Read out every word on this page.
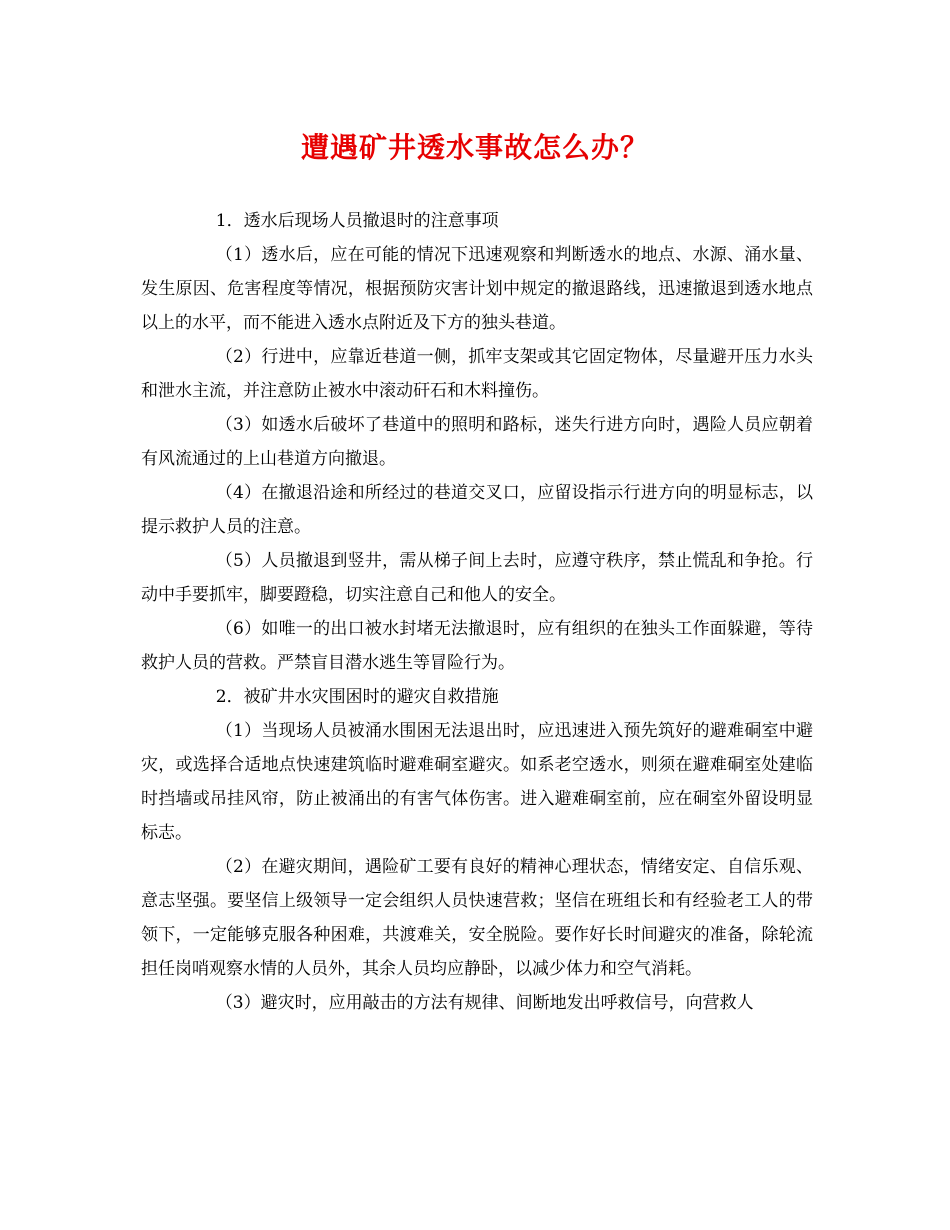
遭遇矿井透水事故怎么办？

1．透水后现场人员撤退时的注意事项

（1）透水后，应在可能的情况下迅速观察和判断透水的地点、水源、涌水量、发生原因、危害程度等情况，根据预防灾害计划中规定的撤退路线，迅速撤退到透水地点以上的水平，而不能进入透水点附近及下方的独头巷道。

（2）行进中，应靠近巷道一侧，抓牢支架或其它固定物体，尽量避开压力水头和泄水主流，并注意防止被水中滚动矸石和木料撞伤。

（3）如透水后破坏了巷道中的照明和路标，迷失行进方向时，遇险人员应朝着有风流通过的上山巷道方向撤退。

（4）在撤退沿途和所经过的巷道交叉口，应留设指示行进方向的明显标志，以提示救护人员的注意。

（5）人员撤退到竖井，需从梯子间上去时，应遵守秩序，禁止慌乱和争抢。行动中手要抓牢，脚要蹬稳，切实注意自己和他人的安全。

（6）如唯一的出口被水封堵无法撤退时，应有组织的在独头工作面躲避，等待救护人员的营救。严禁盲目潜水逃生等冒险行为。

2．被矿井水灾围困时的避灾自救措施

（1）当现场人员被涌水围困无法退出时，应迅速进入预先筑好的避难硐室中避灾，或选择合适地点快速建筑临时避难硐室避灾。如系老空透水，则须在避难硐室处建临时挡墙或吊挂风帘，防止被涌出的有害气体伤害。进入避难硐室前，应在硐室外留设明显标志。

（2）在避灾期间，遇险矿工要有良好的精神心理状态，情绪安定、自信乐观、意志坚强。要坚信上级领导一定会组织人员快速营救；坚信在班组长和有经验老工人的带领下，一定能够克服各种困难，共渡难关，安全脱险。要作好长时间避灾的准备，除轮流担任岗哨观察水情的人员外，其余人员均应静卧，以减少体力和空气消耗。

（3）避灾时，应用敲击的方法有规律、间断地发出呼救信号，向营救人
